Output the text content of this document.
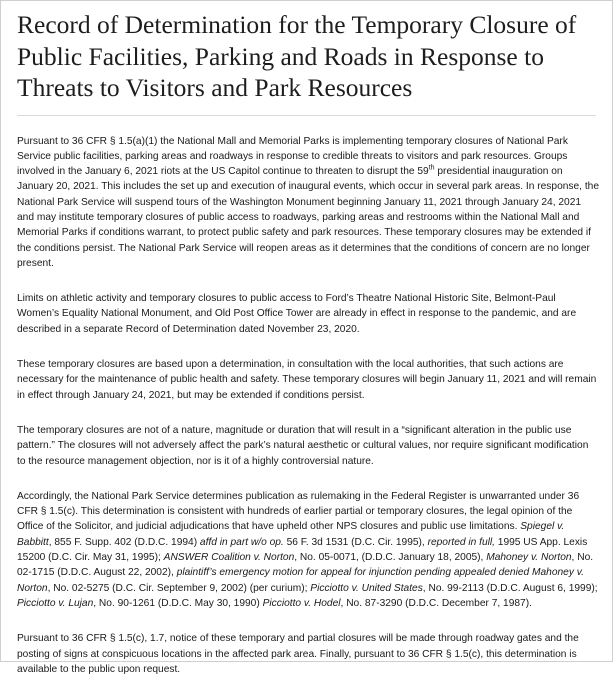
Record of Determination for the Temporary Closure of Public Facilities, Parking and Roads in Response to Threats to Visitors and Park Resources

Pursuant to 36 CFR § 1.5(a)(1) the National Mall and Memorial Parks is implementing temporary closures of National Park Service public facilities, parking areas and roadways in response to credible threats to visitors and park resources. Groups involved in the January 6, 2021 riots at the US Capitol continue to threaten to disrupt the 59th presidential inauguration on January 20, 2021. This includes the set up and execution of inaugural events, which occur in several park areas. In response, the National Park Service will suspend tours of the Washington Monument beginning January 11, 2021 through January 24, 2021 and may institute temporary closures of public access to roadways, parking areas and restrooms within the National Mall and Memorial Parks if conditions warrant, to protect public safety and park resources. These temporary closures may be extended if the conditions persist. The National Park Service will reopen areas as it determines that the conditions of concern are no longer present.

Limits on athletic activity and temporary closures to public access to Ford’s Theatre National Historic Site, Belmont-Paul Women’s Equality National Monument, and Old Post Office Tower are already in effect in response to the pandemic, and are described in a separate Record of Determination dated November 23, 2020.

These temporary closures are based upon a determination, in consultation with the local authorities, that such actions are necessary for the maintenance of public health and safety. These temporary closures will begin January 11, 2021 and will remain in effect through January 24, 2021, but may be extended if conditions persist.

The temporary closures are not of a nature, magnitude or duration that will result in a “significant alteration in the public use pattern.” The closures will not adversely affect the park’s natural aesthetic or cultural values, nor require significant modification to the resource management objection, nor is it of a highly controversial nature.

Accordingly, the National Park Service determines publication as rulemaking in the Federal Register is unwarranted under 36 CFR § 1.5(c). This determination is consistent with hundreds of earlier partial or temporary closures, the legal opinion of the Office of the Solicitor, and judicial adjudications that have upheld other NPS closures and public use limitations. Spiegel v. Babbitt, 855 F. Supp. 402 (D.D.C. 1994) affd in part w/o op. 56 F. 3d 1531 (D.C. Cir. 1995), reported in full, 1995 US App. Lexis 15200 (D.C. Cir. May 31, 1995); ANSWER Coalition v. Norton, No. 05-0071, (D.D.C. January 18, 2005), Mahoney v. Norton, No. 02-1715 (D.D.C. August 22, 2002), plaintiff’s emergency motion for appeal for injunction pending appealed denied Mahoney v. Norton, No. 02-5275 (D.C. Cir. September 9, 2002) (per curium); Picciotto v. United States, No. 99-2113 (D.D.C. August 6, 1999); Picciotto v. Lujan, No. 90-1261 (D.D.C. May 30, 1990) Picciotto v. Hodel, No. 87-3290 (D.D.C. December 7, 1987).

Pursuant to 36 CFR § 1.5(c), 1.7, notice of these temporary and partial closures will be made through roadway gates and the posting of signs at conspicuous locations in the affected park area. Finally, pursuant to 36 CFR § 1.5(c), this determination is available to the public upon request.
